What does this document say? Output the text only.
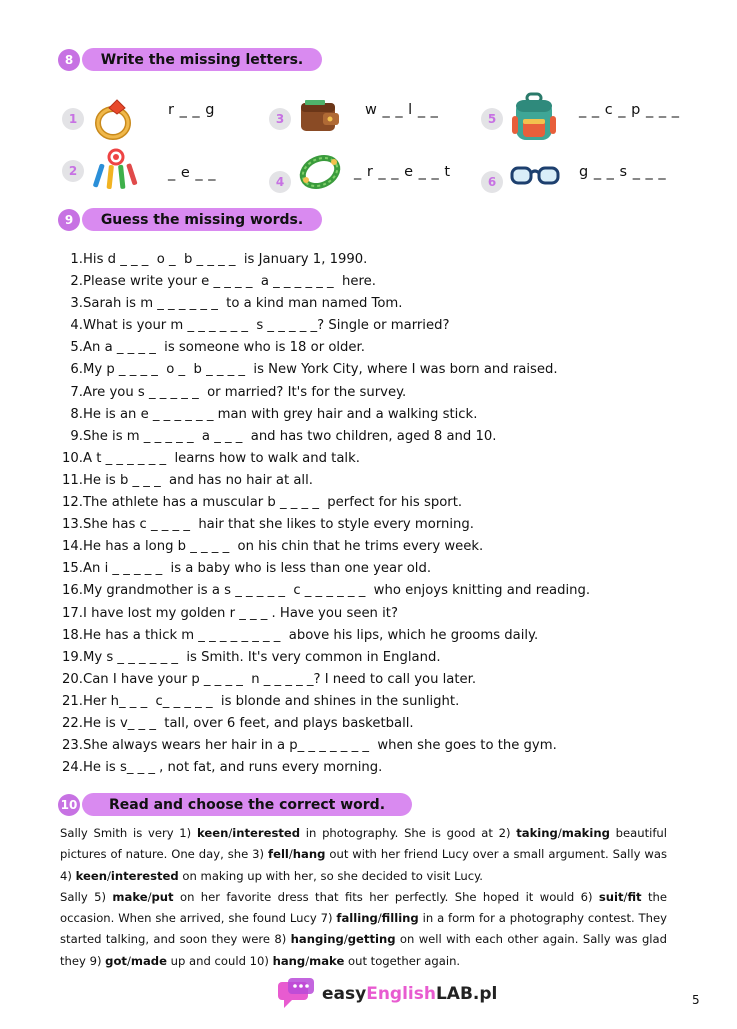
8	Write the missing letters.
1
r _ _ g
2	_ e _ _
3
w _ _ l _ _
4
_ r _ _ e _ _ t
5
_ _ c _ p _ _ _
6
g _ _ s _ _ _
9	Guess the missing words.
1.His d _ _ _  o _  b _ _ _ _  is January 1, 1990.
2.Please write your e _ _ _ _  a _ _ _ _ _ _  here.
3.Sarah is m _ _ _ _ _ _  to a kind man named Tom.
4.What is your m _ _ _ _ _ _  s _ _ _ _ _? Single or married?
5.An a _ _ _ _  is someone who is 18 or older.
6.My p _ _ _ _  o _  b _ _ _ _  is New York City, where I was born and raised.
7.Are you s _ _ _ _ _  or married? It's for the survey.
8.He is an e _ _ _ _ _ _ man with grey hair and a walking stick.
9.She is m _ _ _ _ _  a _ _ _  and has two children, aged 8 and 10.
10.A t _ _ _ _ _ _  learns how to walk and talk.
11.He is b _ _ _  and has no hair at all.
12.The athlete has a muscular b _ _ _ _  perfect for his sport.
13.She has c _ _ _ _  hair that she likes to style every morning.
14.He has a long b _ _ _ _  on his chin that he trims every week.
15.An i _ _ _ _ _  is a baby who is less than one year old.
16.My grandmother is a s _ _ _ _ _  c _ _ _ _ _ _  who enjoys knitting and reading.
17.I have lost my golden r _ _ _ . Have you seen it?
18.He has a thick m _ _ _ _ _ _ _ _  above his lips, which he grooms daily.
19.My s _ _ _ _ _ _  is Smith. It's very common in England.
20.Can I have your p _ _ _ _  n _ _ _ _ _? I need to call you later.
21.Her h_ _ _  c_ _ _ _ _  is blonde and shines in the sunlight.
22.He is v_ _ _  tall, over 6 feet, and plays basketball.
23.She always wears her hair in a p_ _ _ _ _ _ _  when she goes to the gym.
24.He is s_ _ _ , not fat, and runs every morning.
10	Read and choose the correct word.

Sally Smith is very 1) keen/interested in photography. She is good at 2) taking/making beautiful pictures of nature. One day, she 3) fell/hang out with her friend Lucy over a small argument. Sally was 4) keen/interested on making up with her, so she decided to visit Lucy.

Sally 5) make/put on her favorite dress that fits her perfectly. She hoped it would 6) suit/fit the occasion. When she arrived, she found Lucy 7) falling/filling in a form for a photography contest. They started talking, and soon they were 8) hanging/getting on well with each other again. Sally was glad they 9) got/made up and could 10) hang/make out together again.

easyEnglishLAB.pl	5
